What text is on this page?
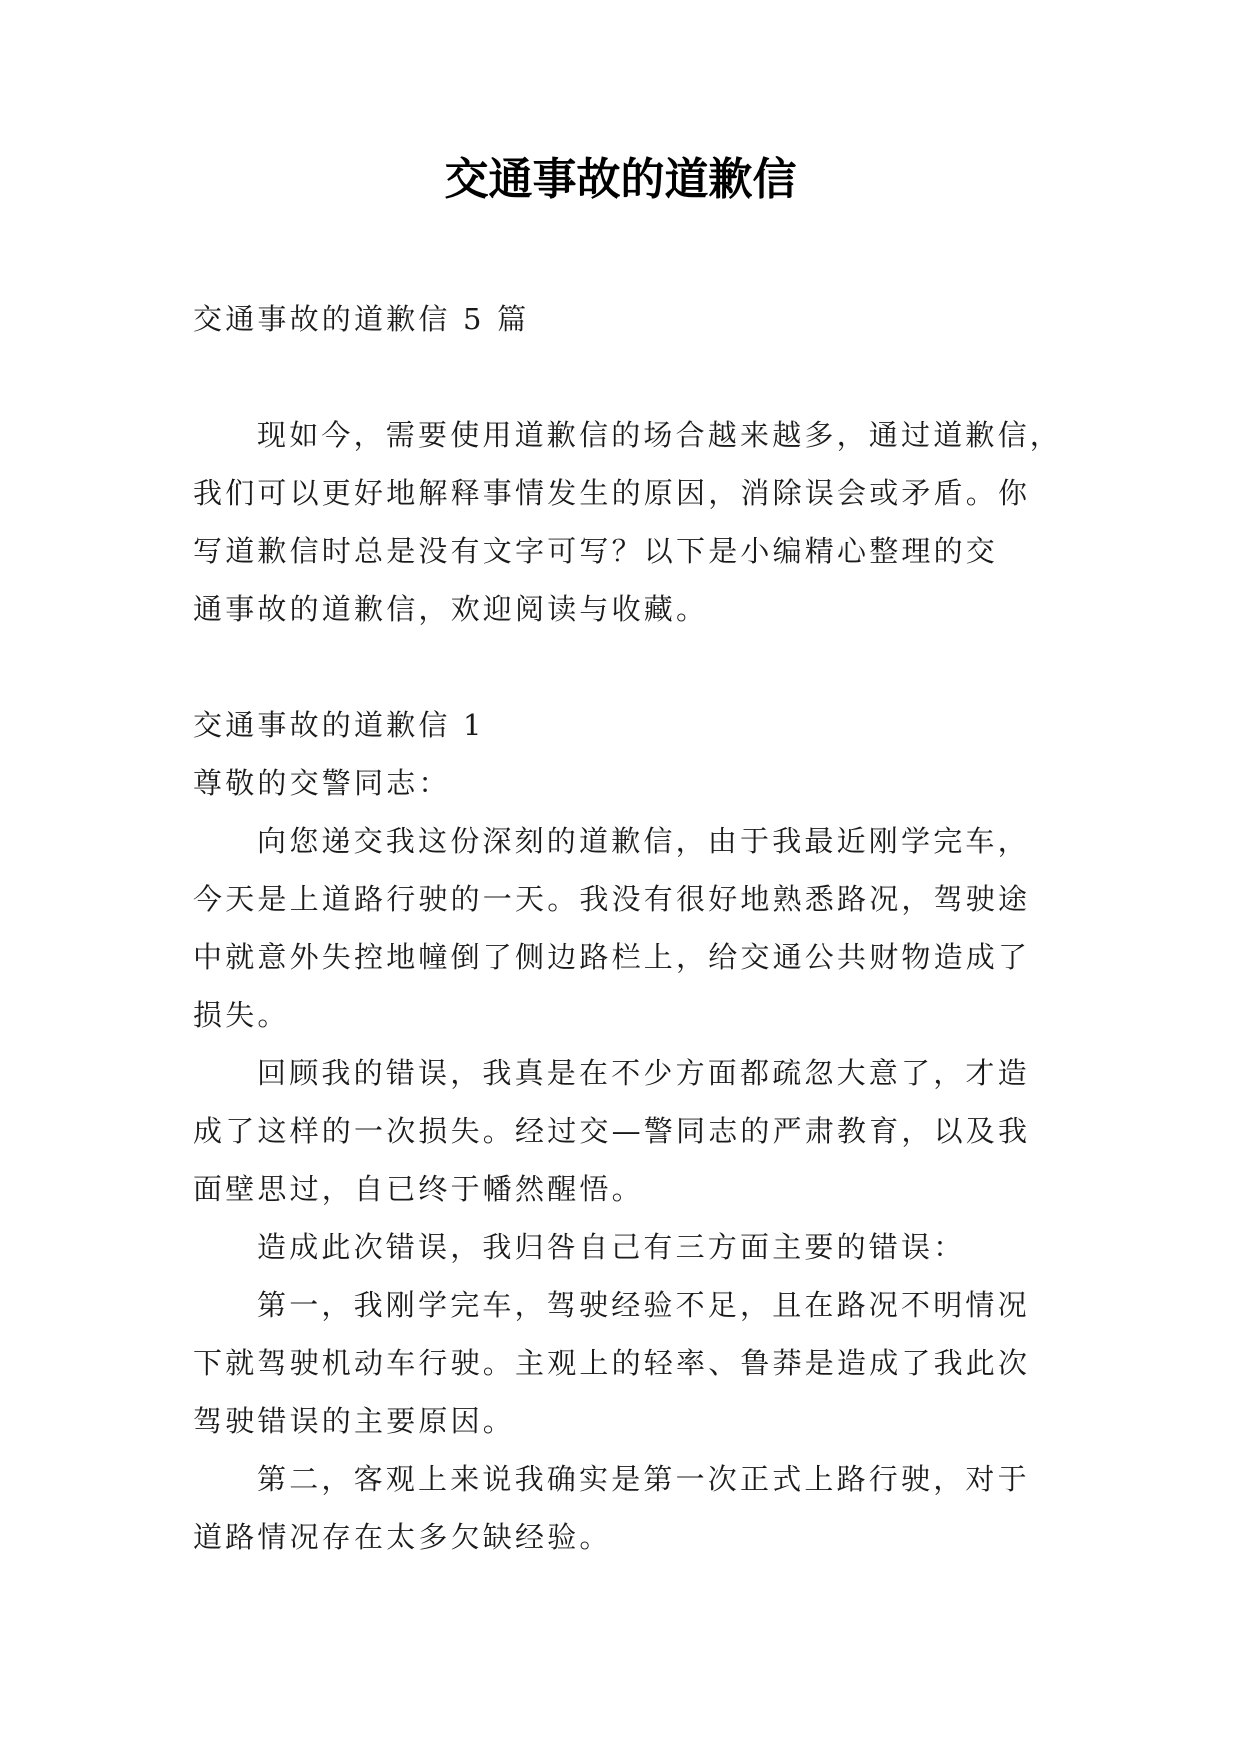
交通事故的道歉信

交通事故的道歉信 5 篇

现如今，需要使用道歉信的场合越来越多，通过道歉信，

我们可以更好地解释事情发生的原因，消除误会或矛盾。你

写道歉信时总是没有文字可写？以下是小编精心整理的交

通事故的道歉信，欢迎阅读与收藏。

交通事故的道歉信 1

尊敬的交警同志：

向您递交我这份深刻的道歉信，由于我最近刚学完车，

今天是上道路行驶的一天。我没有很好地熟悉路况，驾驶途

中就意外失控地幢倒了侧边路栏上，给交通公共财物造成了

损失。

回顾我的错误，我真是在不少方面都疏忽大意了，才造

成了这样的一次损失。经过交—警同志的严肃教育，以及我

面壁思过，自已终于幡然醒悟。

造成此次错误，我归咎自己有三方面主要的错误：

第一，我刚学完车，驾驶经验不足，且在路况不明情况

下就驾驶机动车行驶。主观上的轻率、鲁莽是造成了我此次

驾驶错误的主要原因。

第二，客观上来说我确实是第一次正式上路行驶，对于

道路情况存在太多欠缺经验。
